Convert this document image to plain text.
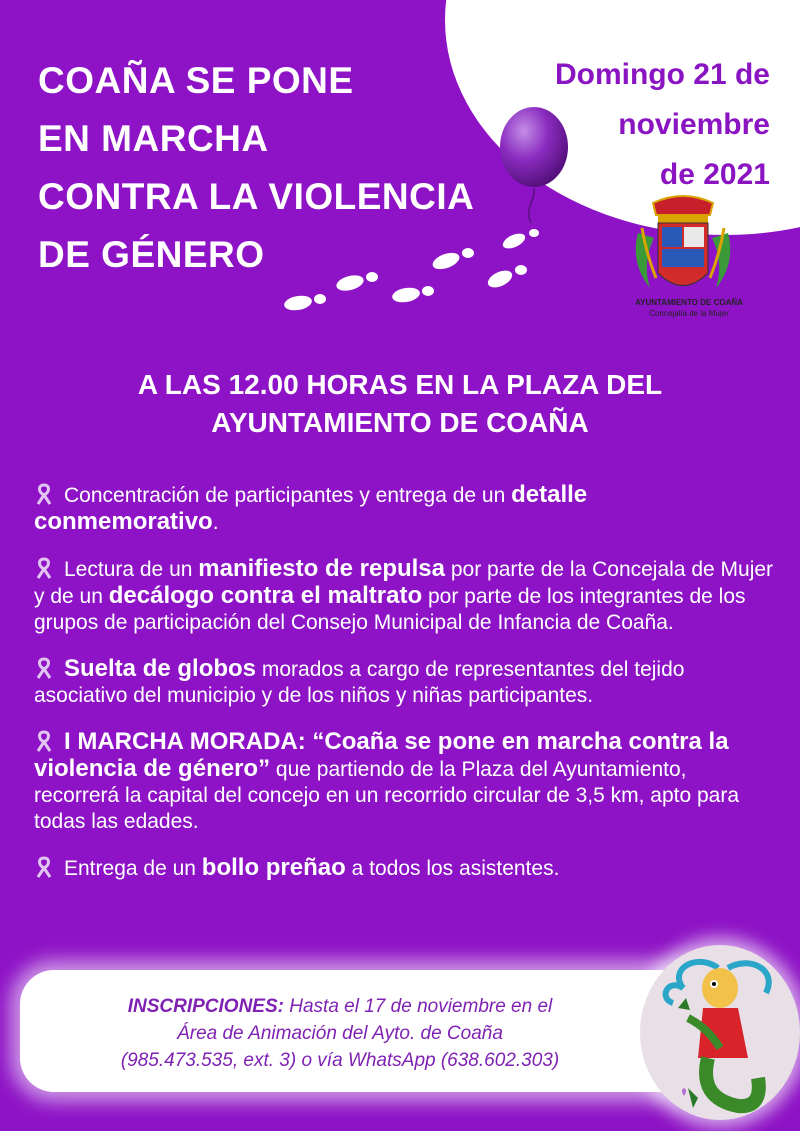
COAÑA SE PONE
EN MARCHA
CONTRA LA VIOLENCIA
DE GÉNERO
Domingo 21 de
noviembre
de 2021
AYUNTAMIENTO DE COAÑA
Concejalía de la Mujer
A LAS 12.00 HORAS EN LA PLAZA DEL
AYUNTAMIENTO DE COAÑA
Concentración de participantes y entrega de un detalle conmemorativo.
Lectura de un manifiesto de repulsa por parte de la Concejala de Mujer y de un decálogo contra el maltrato por parte de los integrantes de los grupos de participación del Consejo Municipal de Infancia de Coaña.
Suelta de globos morados a cargo de representantes del tejido asociativo del municipio y de los niños y niñas participantes.
I MARCHA MORADA: “Coaña se pone en marcha contra la violencia de género” que partiendo de la Plaza del Ayuntamiento, recorrerá la capital del concejo en un recorrido circular de 3,5 km, apto para todas las edades.
Entrega de un bollo preñao a todos los asistentes.
INSCRIPCIONES: Hasta el 17 de noviembre en el
Área de Animación del Ayto. de Coaña
(985.473.535, ext. 3) o vía WhatsApp (638.602.303)
